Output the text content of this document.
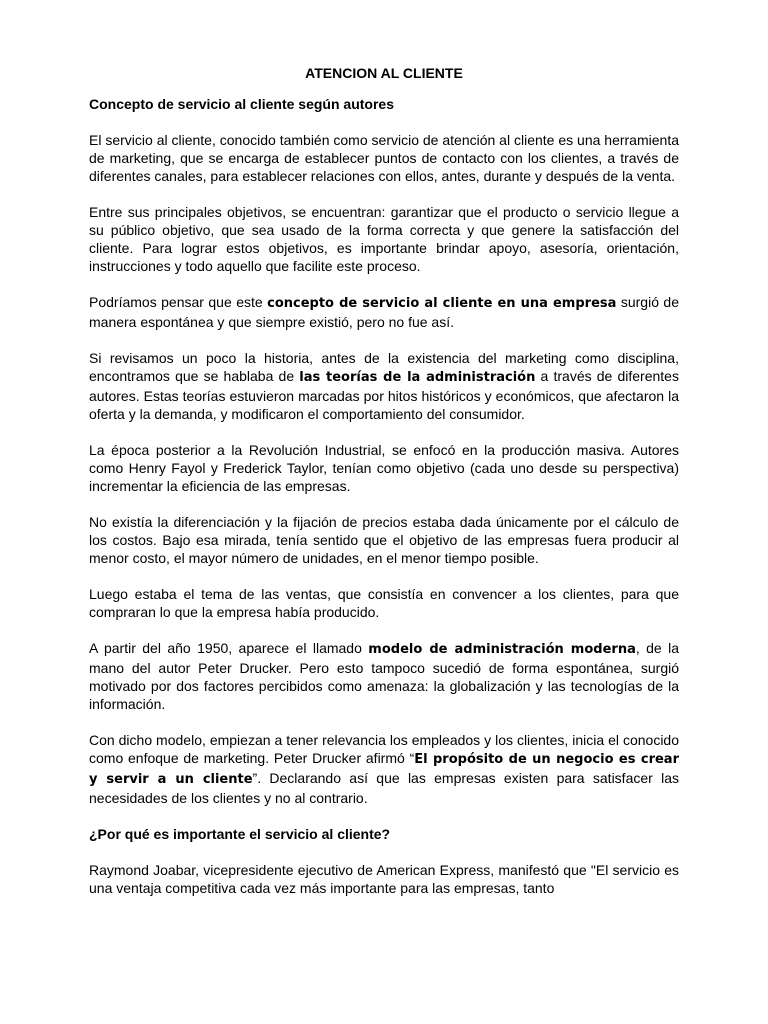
ATENCION AL CLIENTE
Concepto de servicio al cliente según autores

El servicio al cliente, conocido también como servicio de atención al cliente es una herramienta de marketing, que se encarga de establecer puntos de contacto con los clientes, a través de diferentes canales, para establecer relaciones con ellos, antes, durante y después de la venta.

Entre sus principales objetivos, se encuentran: garantizar que el producto o servicio llegue a su público objetivo, que sea usado de la forma correcta y que genere la satisfacción del cliente. Para lograr estos objetivos, es importante brindar apoyo, asesoría, orientación, instrucciones y todo aquello que facilite este proceso.

Podríamos pensar que este concepto de servicio al cliente en una empresa surgió de manera espontánea y que siempre existió, pero no fue así.

Si revisamos un poco la historia, antes de la existencia del marketing como disciplina, encontramos que se hablaba de las teorías de la administración a través de diferentes autores. Estas teorías estuvieron marcadas por hitos históricos y económicos, que afectaron la oferta y la demanda, y modificaron el comportamiento del consumidor.

La época posterior a la Revolución Industrial, se enfocó en la producción masiva. Autores como Henry Fayol y Frederick Taylor, tenían como objetivo (cada uno desde su perspectiva) incrementar la eficiencia de las empresas.

No existía la diferenciación y la fijación de precios estaba dada únicamente por el cálculo de los costos. Bajo esa mirada, tenía sentido que el objetivo de las empresas fuera producir al menor costo, el mayor número de unidades, en el menor tiempo posible.

Luego estaba el tema de las ventas, que consistía en convencer a los clientes, para que compraran lo que la empresa había producido.

A partir del año 1950, aparece el llamado modelo de administración moderna, de la mano del autor Peter Drucker. Pero esto tampoco sucedió de forma espontánea, surgió motivado por dos factores percibidos como amenaza: la globalización y las tecnologías de la información.

Con dicho modelo, empiezan a tener relevancia los empleados y los clientes, inicia el conocido como enfoque de marketing. Peter Drucker afirmó “El propósito de un negocio es crear y servir a un cliente”. Declarando así que las empresas existen para satisfacer las necesidades de los clientes y no al contrario.

¿Por qué es importante el servicio al cliente?

Raymond Joabar, vicepresidente ejecutivo de American Express, manifestó que "El servicio es una ventaja competitiva cada vez más importante para las empresas, tanto
